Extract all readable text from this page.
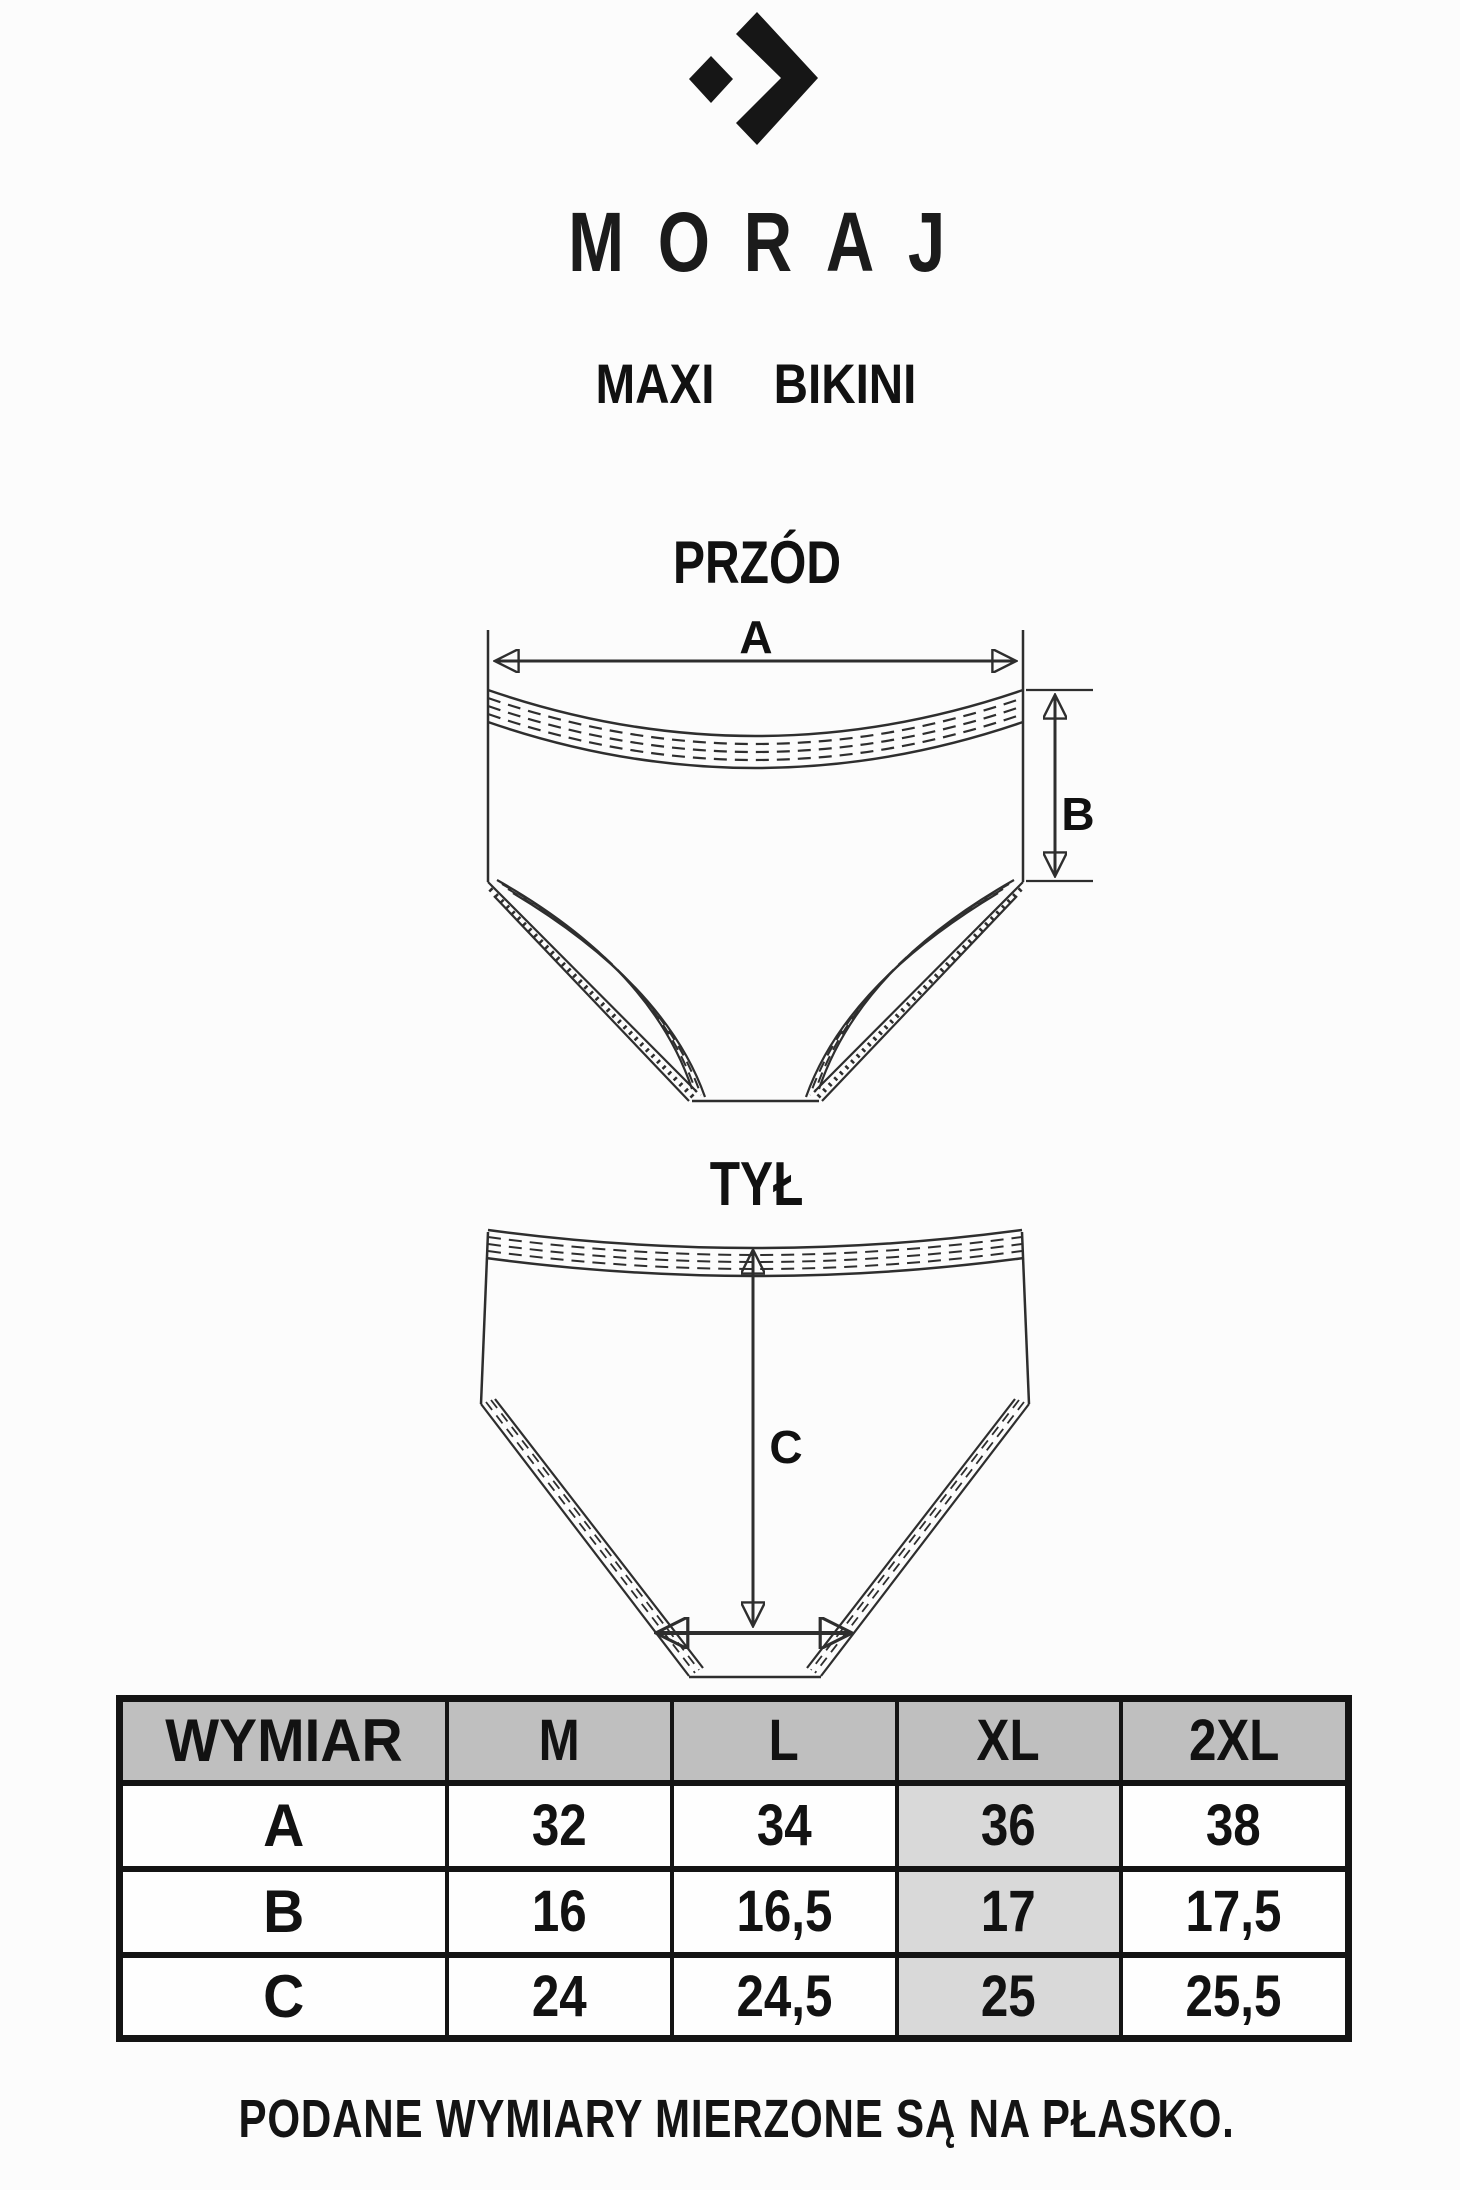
MORAJ
MAXI BIKINI
PRZÓD
A
B
TYŁ
C
WYMIAR	M	L	XL	2XL
A	32	34	36	38
B	16	16,5	17	17,5
C	24	24,5	25	25,5
PODANE WYMIARY MIERZONE SĄ NA PŁASKO.
